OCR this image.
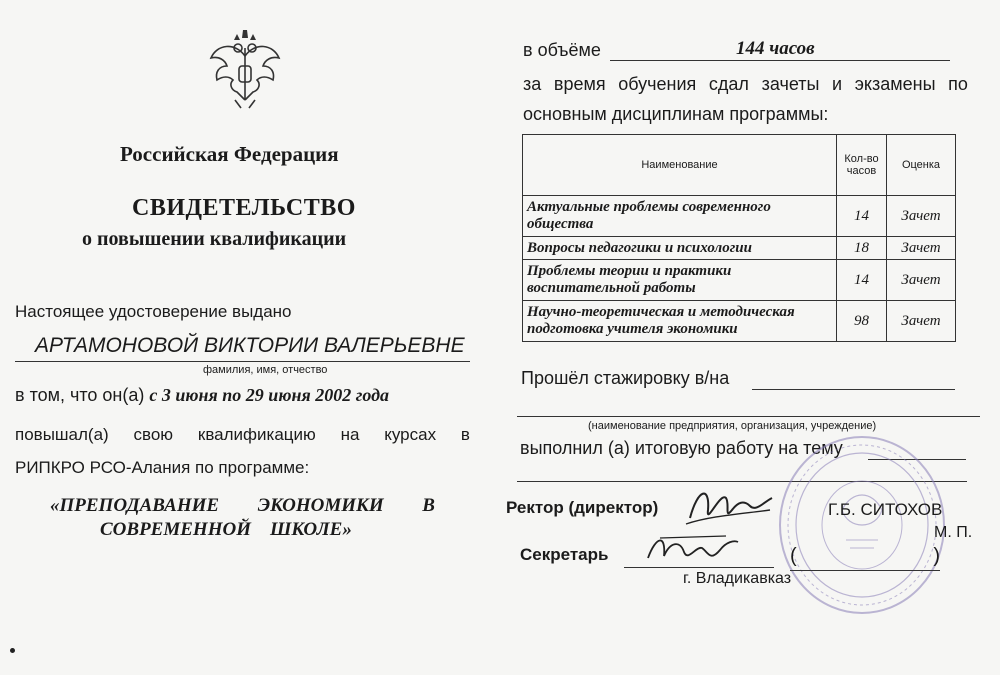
Российская Федерация
СВИДЕТЕЛЬСТВО
о повышении квалификации
Настоящее удостоверение выдано
АРТАМОНОВОЙ ВИКТОРИИ ВАЛЕРЬЕВНЕ
фамилия, имя, отчество
в том, что он(а) с 3 июня по 29 июня 2002 года
повышал(а) свою квалификацию на курсах в
РИПКРО РСО-Алания по программе:
«ПРЕПОДАВАНИЕ ЭКОНОМИКИ В
СОВРЕМЕННОЙ    ШКОЛЕ»
в объёме	144 часов
за время обучения сдал зачеты и экзамены по
основным дисциплинам программы:
Наименование	Кол-во часов	Оценка
Актуальные проблемы современного общества	14	Зачет
Вопросы педагогики и психологии	18	Зачет
Проблемы теории и практики воспитательной работы	14	Зачет
Научно-теоретическая и методическая подготовка учителя экономики	98	Зачет
Прошёл стажировку в/на
(наименование предприятия, организация, учреждение)
выполнил (а) итоговую работу на тему
Ректор (директор)	Г.Б. СИТОХОВ
М. П.
Секретарь	(	)
г. Владикавказ
